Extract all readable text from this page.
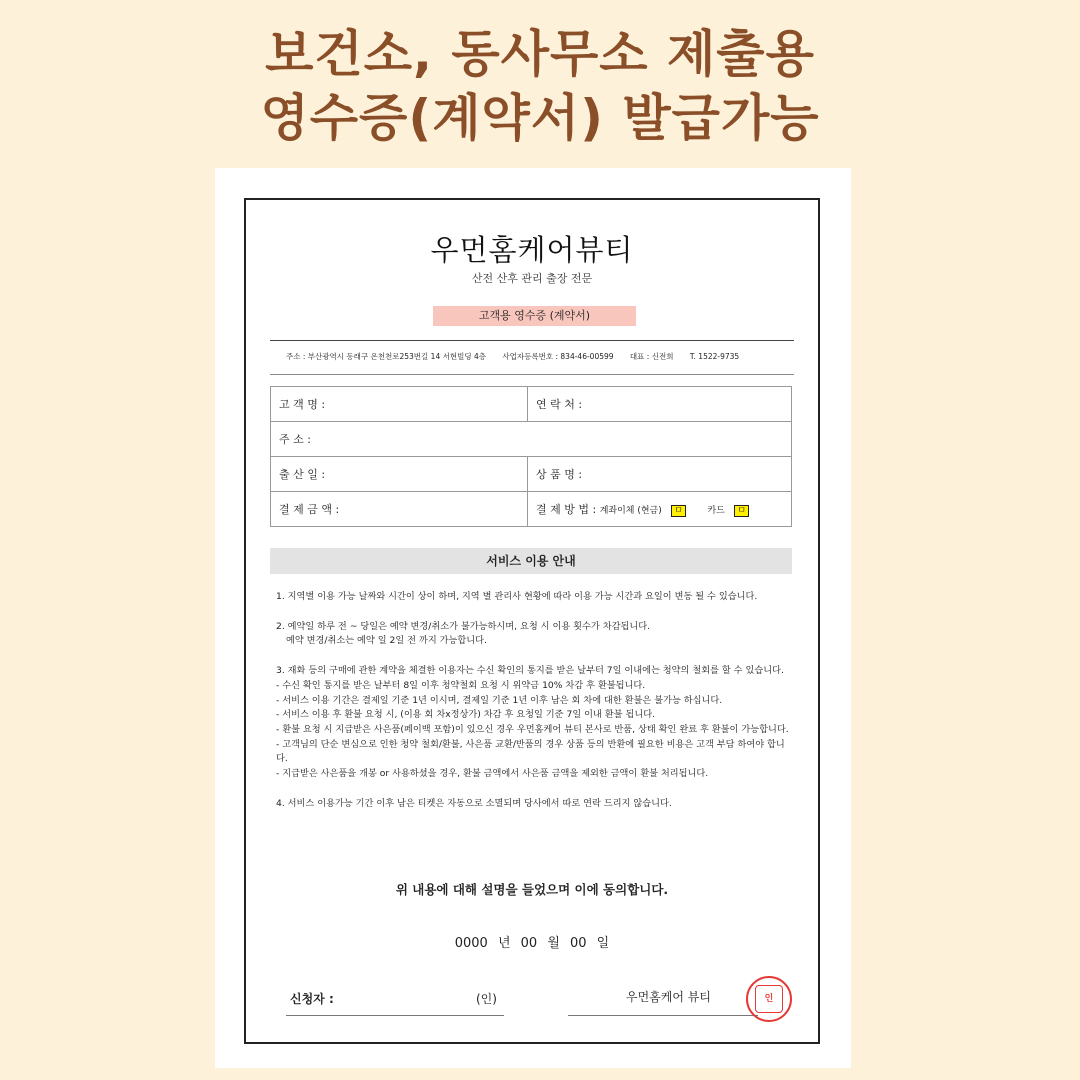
보건소, 동사무소 제출용
영수증(계약서) 발급가능
우먼홈케어뷰티
산전 산후 관리 출장 전문
고객용 영수증 (계약서)
주소 : 부산광역시 동래구 온천천로253번길 14 서현빌딩 4층 사업자등록번호 : 834-46-00599 대표 : 신전희 T. 1522-9735
고 객 명 :	연 락 처 :
주 소 :	
출 산 일 :	상 품 명 :
결 제 금 액 :	결 제 방 법 : 계좌이체 (현금) ㅁ 카드 ㅁ
서비스 이용 안내

1. 지역별 이용 가능 날짜와 시간이 상이 하며, 지역 별 관리사 현황에 따라 이용 가능 시간과 요일이 변동 될 수 있습니다.

2. 예약일 하루 전 ~ 당일은 예약 변경/취소가 불가능하시며, 요청 시 이용 횟수가 차감됩니다.

예약 변경/취소는 예약 일 2일 전 까지 가능합니다.

3. 재화 등의 구매에 관한 계약을 체결한 이용자는 수신 확인의 통지를 받은 날부터 7일 이내에는 청약의 철회를 할 수 있습니다.
- 수신 확인 통지를 받은 날부터 8일 이후 청약철회 요청 시 위약금 10% 차감 후 환불됩니다.
- 서비스 이용 기간은 결제일 기준 1년 이시며, 결제일 기준 1년 이후 남은 회 차에 대한 환불은 불가능 하십니다.
- 서비스 이용 후 환불 요청 시, (이용 회 차x정상가) 차감 후 요청일 기준 7일 이내 환불 됩니다.
- 환불 요청 시 지급받은 사은품(페이백 포함)이 있으신 경우 우먼홈케어 뷰티 본사로 반품, 상태 확인 완료 후 환불이 가능합니다.
- 고객님의 단순 변심으로 인한 청약 철회/환불, 사은품 교환/반품의 경우 상품 등의 반환에 필요한 비용은 고객 부담 하여야 합니다.

- 지급받은 사은품을 개봉 or 사용하셨을 경우, 환불 금액에서 사은품 금액을 제외한 금액이 환불 처리됩니다.

4. 서비스 이용가능 기간 이후 남은 티켓은 자동으로 소멸되며 당사에서 따로 연락 드리지 않습니다.

위 내용에 대해 설명을 들었으며 이에 동의합니다.
0000 년 00 월 00 일
신청자 :	(인)	우먼홈케어 뷰티	인
